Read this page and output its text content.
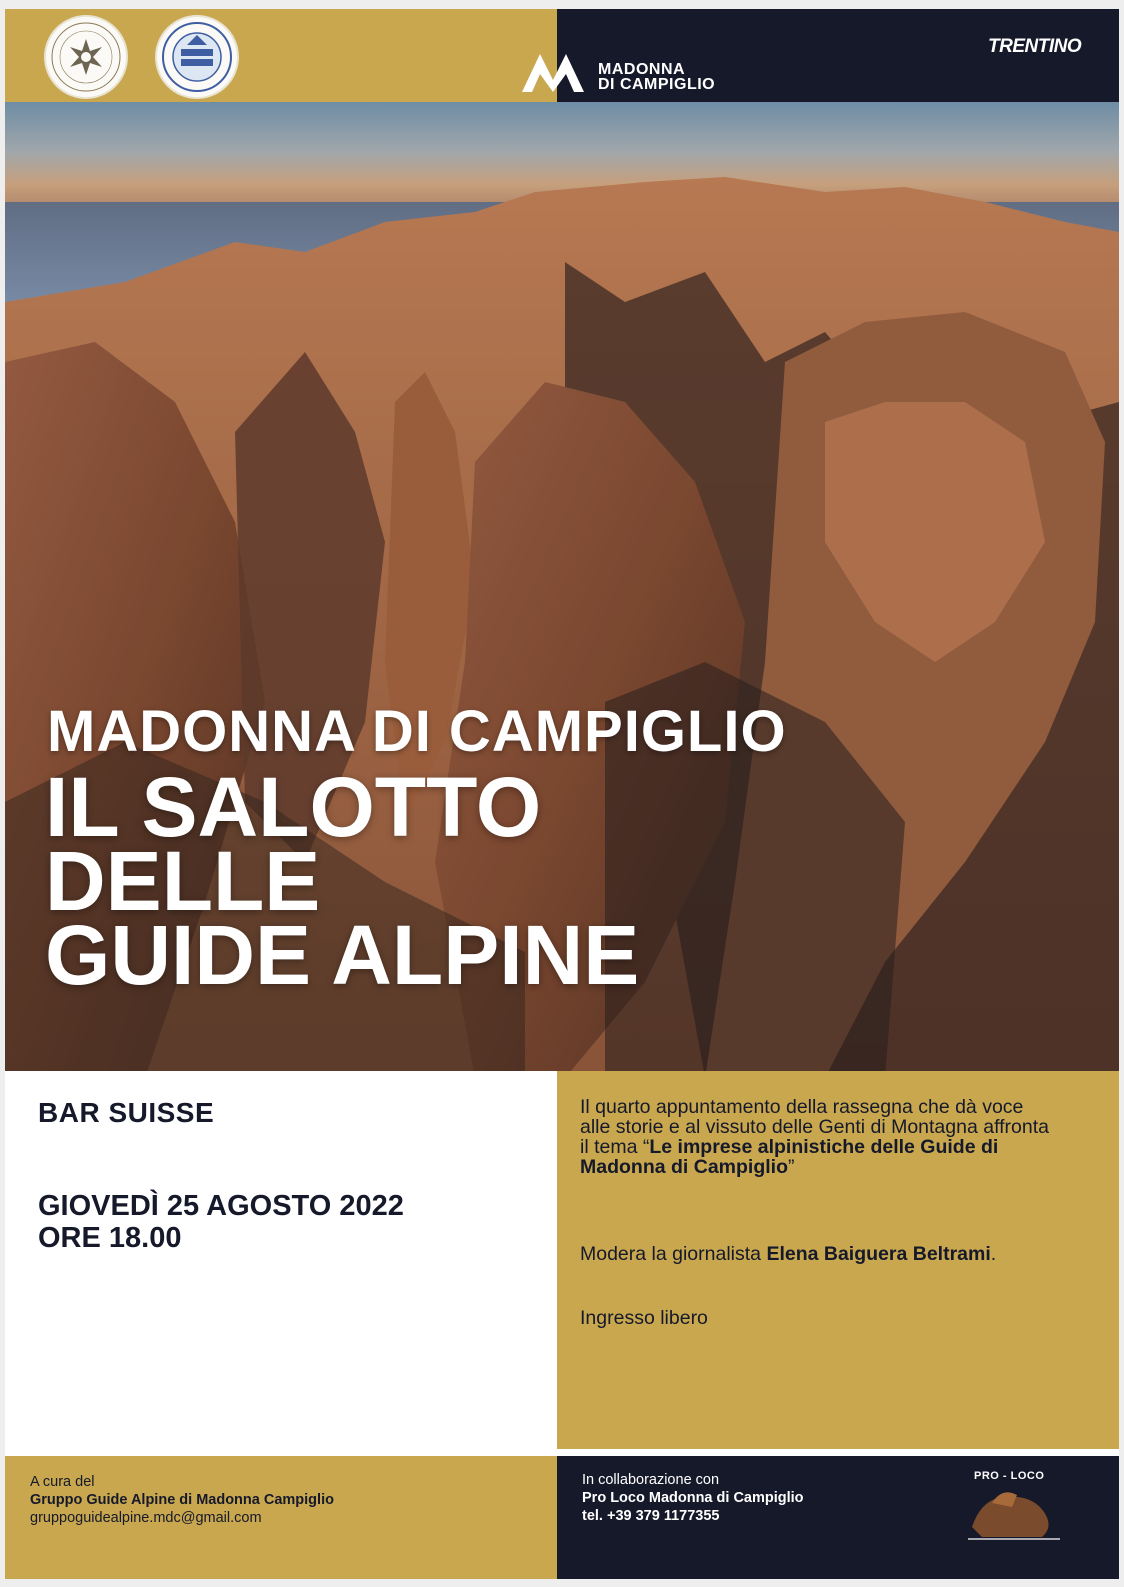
MADONNA
DI CAMPIGLIO
TRENTINO
MADONNA DI CAMPIGLIO
IL SALOTTO
DELLE
GUIDE ALPINE
BAR SUISSE
GIOVEDÌ 25 AGOSTO 2022
ORE 18.00
Il quarto appuntamento della rassegna che dà voce alle storie e al vissuto delle Genti di Montagna affronta il tema “Le imprese alpinistiche delle Guide di Madonna di Campiglio”
Modera la giornalista Elena Baiguera Beltrami.
Ingresso libero
A cura del
Gruppo Guide Alpine di Madonna Campiglio
gruppoguidealpine.mdc@gmail.com
In collaborazione con
Pro Loco Madonna di Campiglio
tel. +39 379 1177355
PRO - LOCO
